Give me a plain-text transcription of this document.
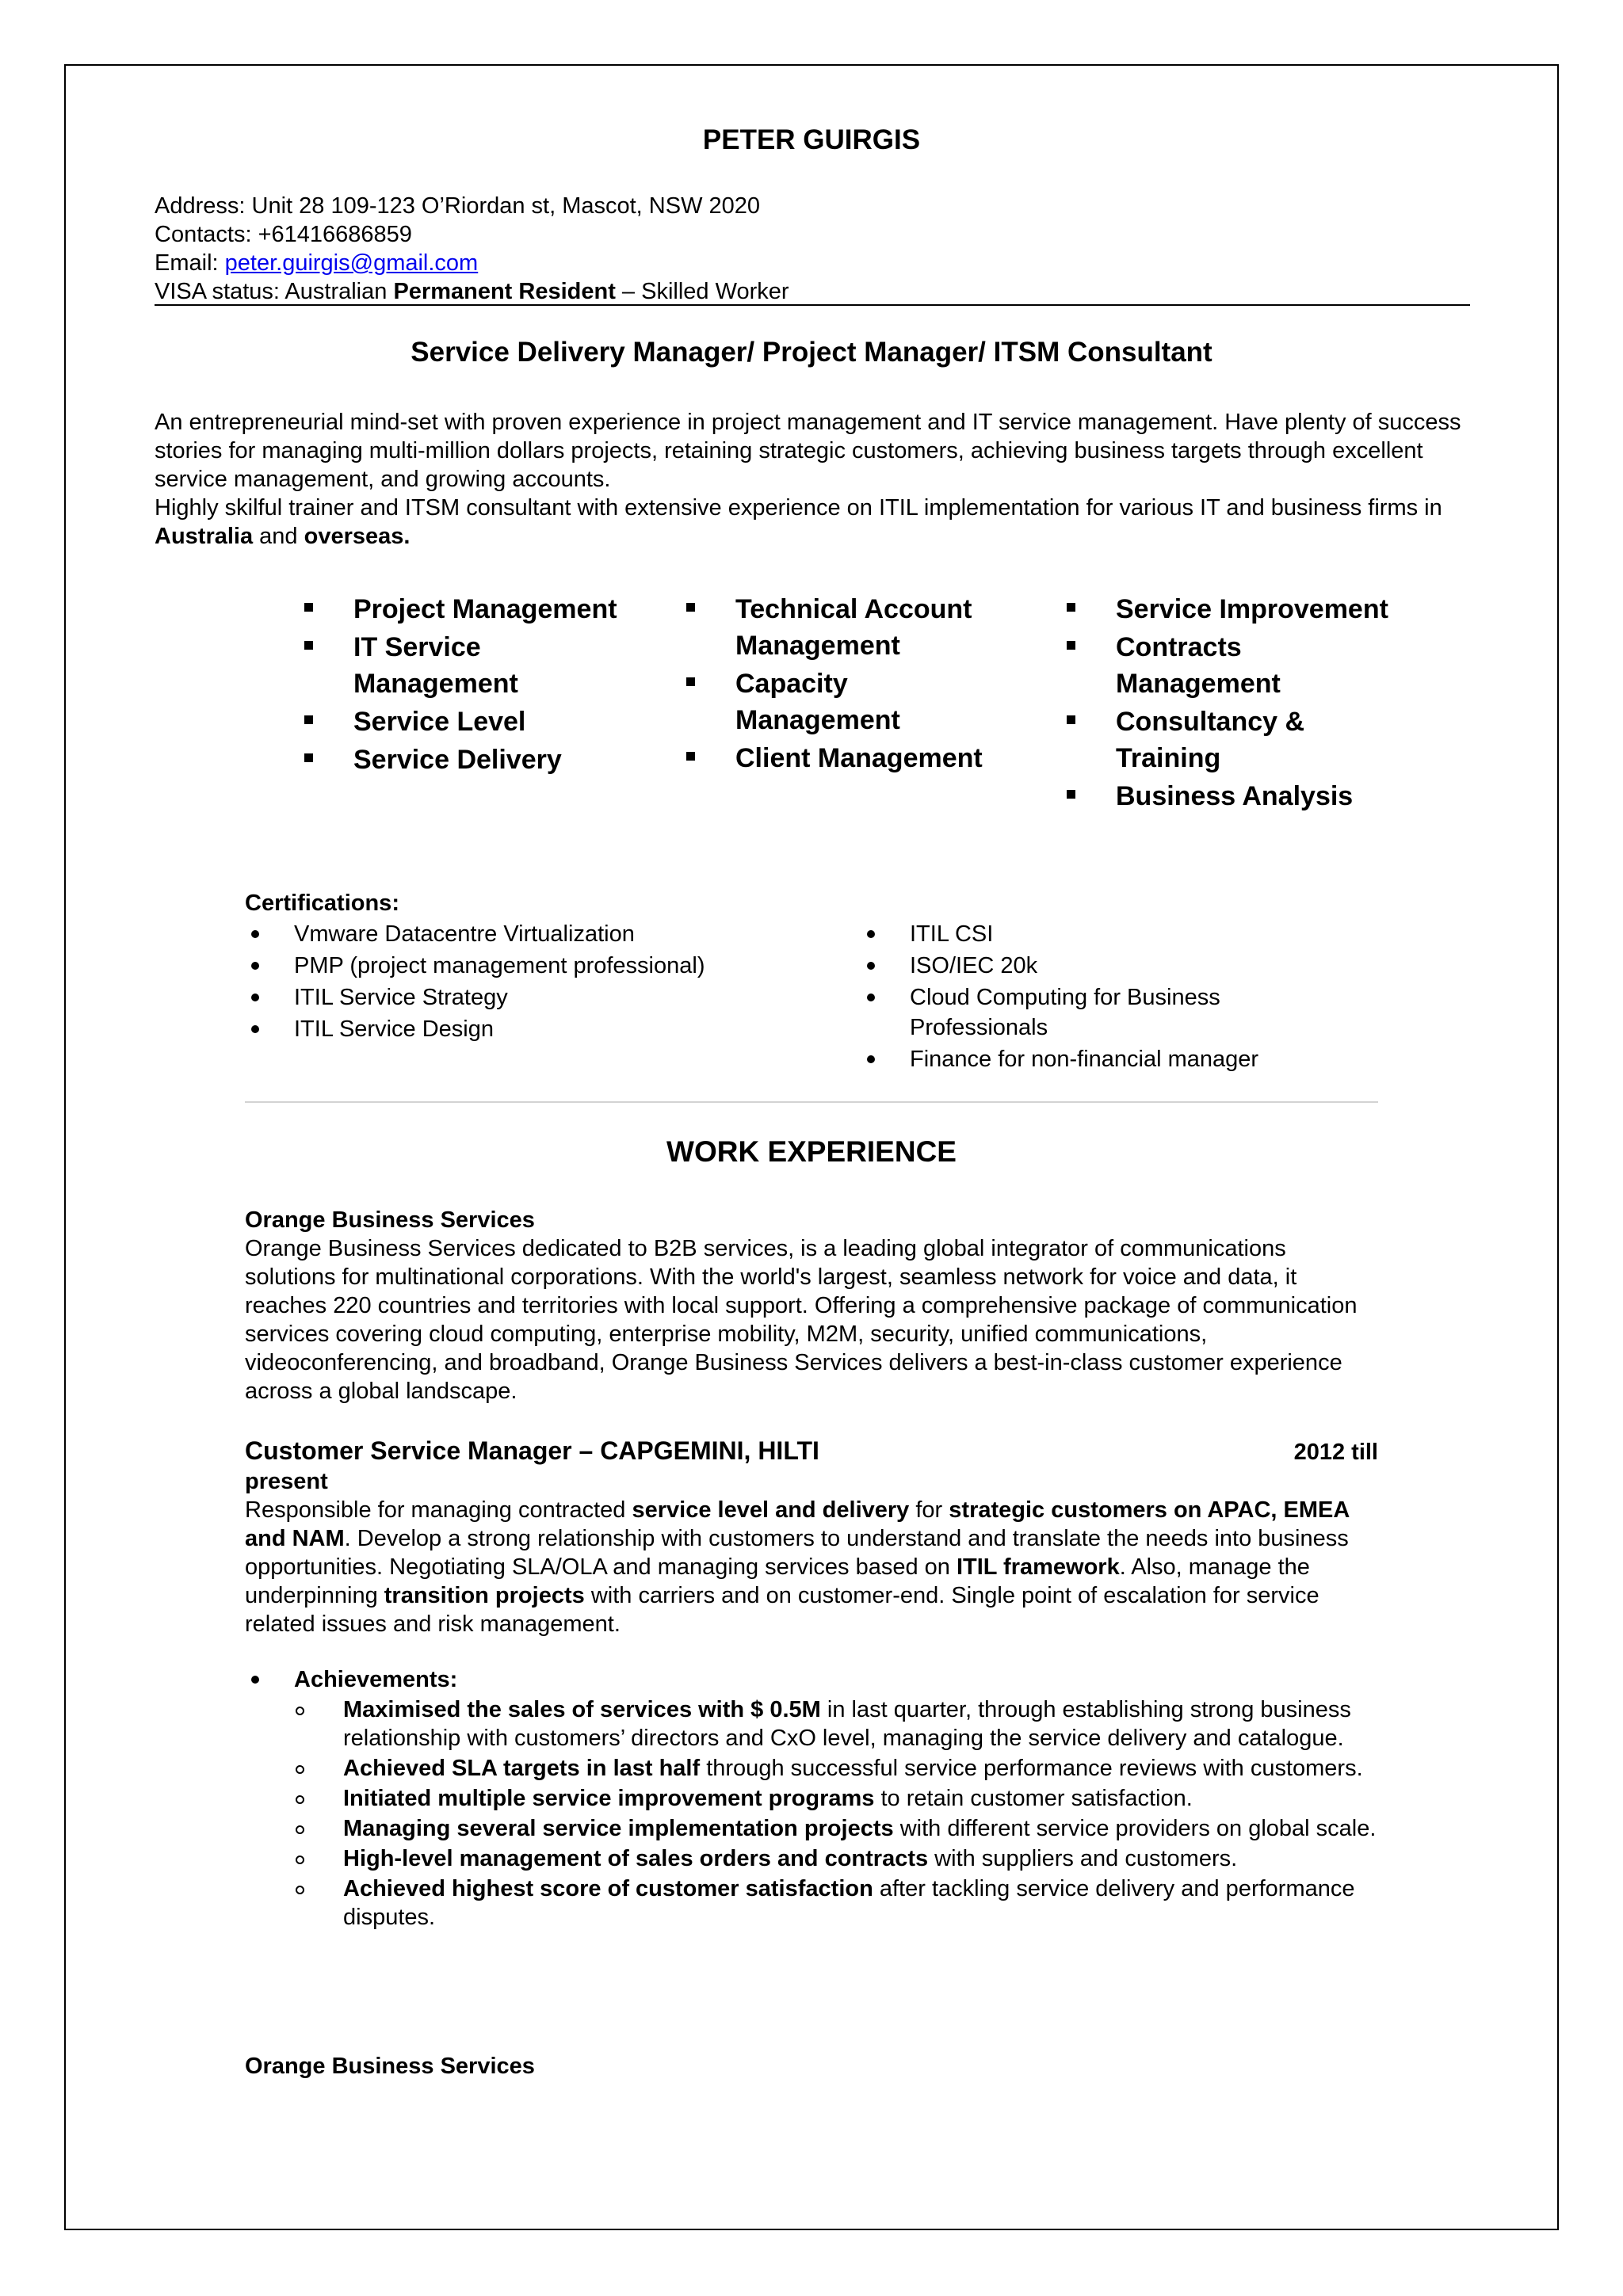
PETER GUIRGIS
Address: Unit 28 109-123 O’Riordan st, Mascot, NSW 2020
Contacts: +61416686859
Email: peter.guirgis@gmail.com
VISA status: Australian Permanent Resident – Skilled Worker
Service Delivery Manager/ Project Manager/ ITSM Consultant

An entrepreneurial mind-set with proven experience in project management and IT service management. Have plenty of success stories for managing multi-million dollars projects, retaining strategic customers, achieving business targets through excellent service management, and growing accounts.

Highly skilful trainer and ITSM consultant with extensive experience on ITIL implementation for various IT and business firms in Australia and overseas.

Project Management
IT Service Management
Service Level
Service Delivery
Technical Account Management
Capacity Management
Client Management
Service Improvement
Contracts Management
Consultancy & Training
Business Analysis
Certifications:
Vmware Datacentre Virtualization
PMP (project management professional)
ITIL Service Strategy
ITIL Service Design
ITIL CSI
ISO/IEC 20k
Cloud Computing for Business Professionals
Finance for non-financial manager
WORK EXPERIENCE
Orange Business Services

Orange Business Services dedicated to B2B services, is a leading global integrator of communications solutions for multinational corporations. With the world's largest, seamless network for voice and data, it reaches 220 countries and territories with local support. Offering a comprehensive package of communication services covering cloud computing, enterprise mobility, M2M, security, unified communications, videoconferencing, and broadband, Orange Business Services delivers a best-in-class customer experience across a global landscape.

Customer Service Manager – CAPGEMINI, HILTI	2012 till
present

Responsible for managing contracted service level and delivery for strategic customers on APAC, EMEA and NAM. Develop a strong relationship with customers to understand and translate the needs into business opportunities. Negotiating SLA/OLA and managing services based on ITIL framework. Also, manage the underpinning transition projects with carriers and on customer-end. Single point of escalation for service related issues and risk management.

Achievements:
Maximised the sales of services with $ 0.5M in last quarter, through establishing strong business relationship with customers’ directors and CxO level, managing the service delivery and catalogue.
Achieved SLA targets in last half through successful service performance reviews with customers.
Initiated multiple service improvement programs to retain customer satisfaction.
Managing several service implementation projects with different service providers on global scale.
High-level management of sales orders and contracts with suppliers and customers.
Achieved highest score of customer satisfaction after tackling service delivery and performance disputes.
Orange Business Services
